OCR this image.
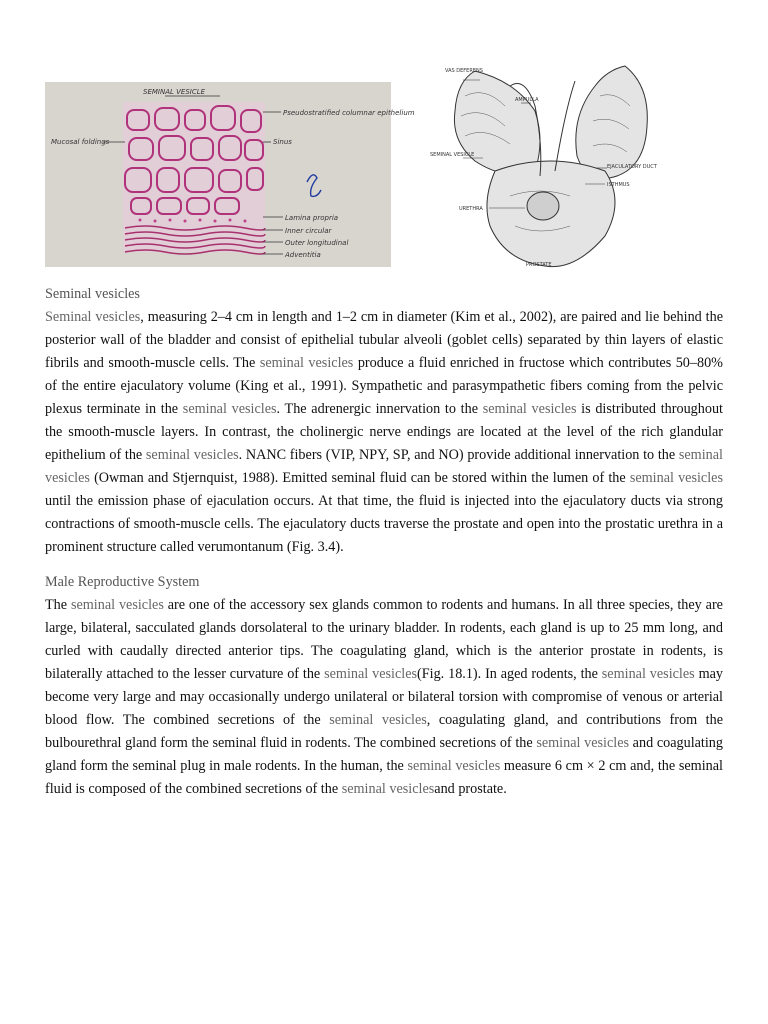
SEMINAL VESICLE
Pseudostratified columnar epithelium
Mucosal foldings	Sinus
Lamina propria
Inner circular
Outer longitudinal
Adventitia
VAS DEFERENS
AMPULLA
SEMINAL VESICLE
EJACULATORY DUCT
ISTHMUS
URETHRA
PROSTATE
Seminal vesicles

Seminal vesicles, measuring 2–4 cm in length and 1–2 cm in diameter (Kim et al., 2002), are paired and lie behind the posterior wall of the bladder and consist of epithelial tubular alveoli (goblet cells) separated by thin layers of elastic fibrils and smooth-muscle cells. The seminal vesicles produce a fluid enriched in fructose which contributes 50–80% of the entire ejaculatory volume (King et al., 1991). Sympathetic and parasympathetic fibers coming from the pelvic plexus terminate in the seminal vesicles. The adrenergic innervation to the seminal vesicles is distributed throughout the smooth-muscle layers. In contrast, the cholinergic nerve endings are located at the level of the rich glandular epithelium of the seminal vesicles. NANC fibers (VIP, NPY, SP, and NO) provide additional innervation to the seminal vesicles (Owman and Stjernquist, 1988). Emitted seminal fluid can be stored within the lumen of the seminal vesicles until the emission phase of ejaculation occurs. At that time, the fluid is injected into the ejaculatory ducts via strong contractions of smooth-muscle cells. The ejaculatory ducts traverse the prostate and open into the prostatic urethra in a prominent structure called verumontanum (Fig. 3.4).

Male Reproductive System

The seminal vesicles are one of the accessory sex glands common to rodents and humans. In all three species, they are large, bilateral, sacculated glands dorsolateral to the urinary bladder. In rodents, each gland is up to 25 mm long, and curled with caudally directed anterior tips. The coagulating gland, which is the anterior prostate in rodents, is bilaterally attached to the lesser curvature of the seminal vesicles(Fig. 18.1). In aged rodents, the seminal vesicles may become very large and may occasionally undergo unilateral or bilateral torsion with compromise of venous or arterial blood flow. The combined secretions of the seminal vesicles, coagulating gland, and contributions from the bulbourethral gland form the seminal fluid in rodents. The combined secretions of the seminal vesicles and coagulating gland form the seminal plug in male rodents. In the human, the seminal vesicles measure 6 cm × 2 cm and, the seminal fluid is composed of the combined secretions of the seminal vesiclesand prostate.
